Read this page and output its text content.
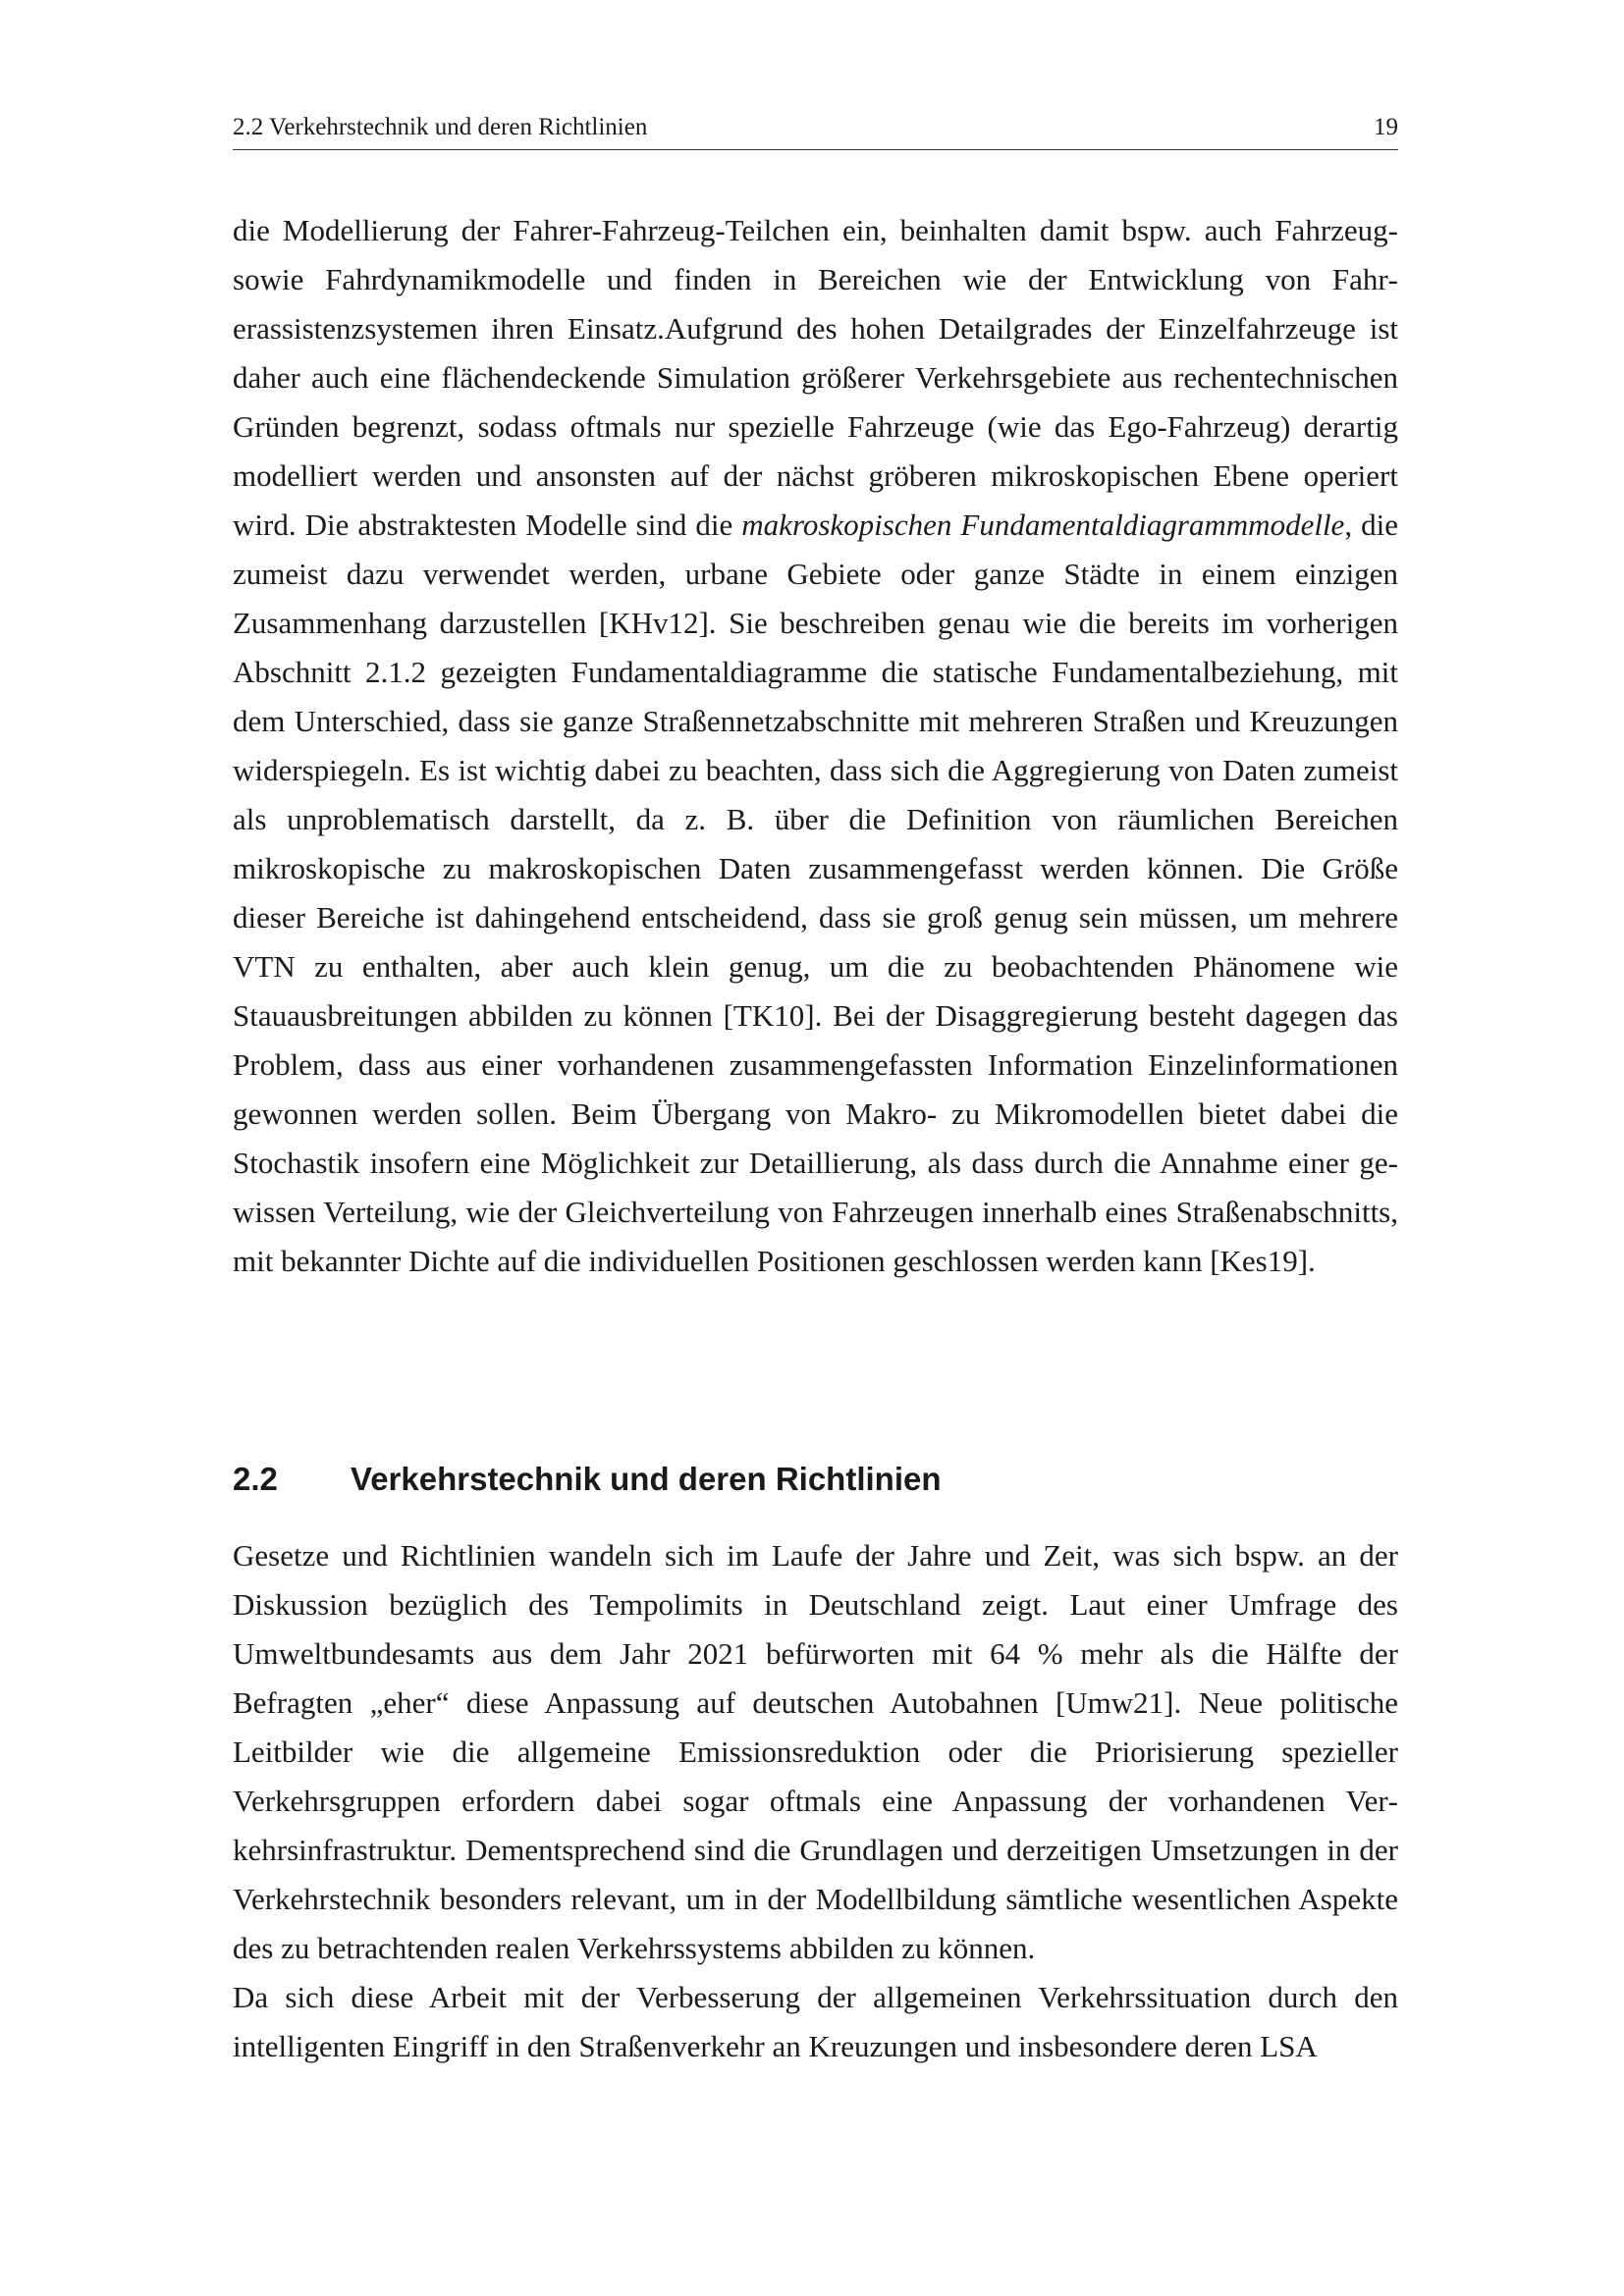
2.2 Verkehrstechnik und deren Richtlinien	19

die Modellierung der Fahrer-Fahrzeug-Teilchen ein, beinhalten damit bspw. auch Fahrzeug- sowie Fahrdynamikmodelle und finden in Bereichen wie der Entwicklung von Fahrerassistenzsystemen ihren Einsatz.Aufgrund des hohen Detailgrades der Einzelfahrzeuge ist daher auch eine flächendeckende Simulation größerer Verkehrsgebiete aus rechentechnischen Gründen begrenzt, sodass oftmals nur spezielle Fahrzeuge (wie das Ego-Fahrzeug) derartig modelliert werden und ansonsten auf der nächst gröberen mikroskopischen Ebene operiert wird. Die abstraktesten Modelle sind die makroskopischen Fundamentaldiagrammmodelle, die zumeist dazu verwendet werden, urbane Gebiete oder ganze Städte in einem einzigen Zusammenhang darzustellen [KHv12]. Sie beschreiben genau wie die bereits im vorherigen Abschnitt 2.1.2 gezeigten Fundamentaldiagramme die statische Fundamentalbeziehung, mit dem Unterschied, dass sie ganze Straßennetzabschnitte mit mehreren Straßen und Kreuzungen widerspiegeln. Es ist wichtig dabei zu beachten, dass sich die Aggregierung von Daten zumeist als unproblematisch darstellt, da z. B. über die Definition von räumlichen Bereichen mikroskopische zu makroskopischen Daten zusammengefasst werden können. Die Größe dieser Bereiche ist dahingehend entscheidend, dass sie groß genug sein müssen, um mehrere VTN zu enthalten, aber auch klein genug, um die zu beobachtenden Phänomene wie Stauausbreitungen abbilden zu können [TK10]. Bei der Disaggregierung besteht dagegen das Problem, dass aus einer vorhandenen zusammengefassten Information Einzelinformationen gewonnen werden sollen. Beim Übergang von Makro- zu Mikromodellen bietet dabei die Stochastik insofern eine Möglichkeit zur Detaillierung, als dass durch die Annahme einer gewissen Verteilung, wie der Gleichverteilung von Fahrzeugen innerhalb eines Straßenabschnitts, mit bekannter Dichte auf die individuellen Positionen geschlossen werden kann [Kes19].

2.2 Verkehrstechnik und deren Richtlinien

Gesetze und Richtlinien wandeln sich im Laufe der Jahre und Zeit, was sich bspw. an der Diskussion bezüglich des Tempolimits in Deutschland zeigt. Laut einer Umfrage des Umweltbundesamts aus dem Jahr 2021 befürworten mit 64 % mehr als die Hälfte der Befragten „eher“ diese Anpassung auf deutschen Autobahnen [Umw21]. Neue politische Leitbilder wie die allgemeine Emissionsreduktion oder die Priorisierung spezieller Verkehrsgruppen erfordern dabei sogar oftmals eine Anpassung der vorhandenen Verkehrsinfrastruktur. Dementsprechend sind die Grundlagen und derzeitigen Umsetzungen in der Verkehrstechnik besonders relevant, um in der Modellbildung sämtliche wesentlichen Aspekte des zu betrachtenden realen Verkehrssystems abbilden zu können.

Da sich diese Arbeit mit der Verbesserung der allgemeinen Verkehrssituation durch den intelligenten Eingriff in den Straßenverkehr an Kreuzungen und insbesondere deren LSA
